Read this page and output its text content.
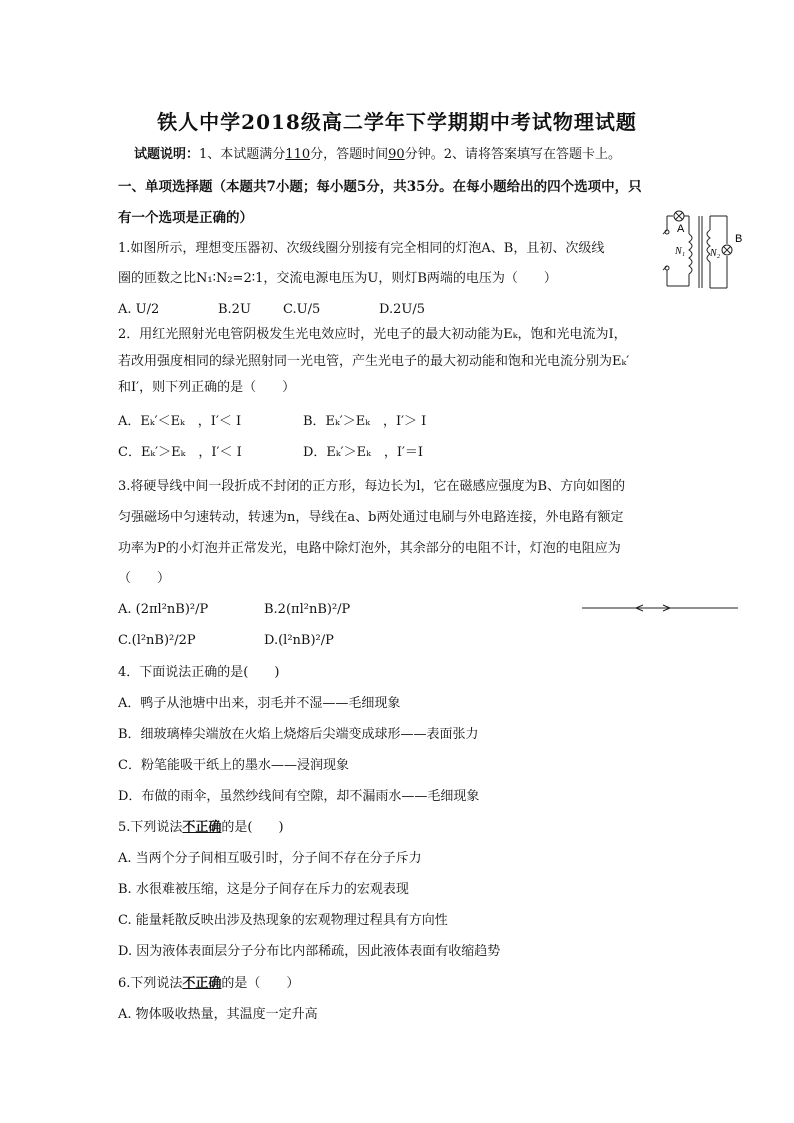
铁人中学2018级高二学年下学期期中考试物理试题
试题说明：1、本试题满分110分，答题时间90分钟。2、请将答案填写在答题卡上。
一、单项选择题（本题共7小题；每小题5分，共35分。在每小题给出的四个选项中，只
有一个选项是正确的）
1.如图所示，理想变压器初、次级线圈分别接有完全相同的灯泡A、B，且初、次级线
圈的匝数之比N₁∶N₂=2∶1，交流电源电压为U，则灯B两端的电压为（　　）
A. U/2	B.2U C.U/5	D.2U/5
A
B
N₁ N₂
2．用红光照射光电管阴极发生光电效应时，光电子的最大初动能为Eₖ，饱和光电流为I，
若改用强度相同的绿光照射同一光电管，产生光电子的最大初动能和饱和光电流分别为Eₖ′
和I′，则下列正确的是（　　）
A．Eₖ′＜Eₖ　，I′＜ I	B．Eₖ′＞Eₖ　，I′＞ I
C．Eₖ′＞Eₖ　，I′＜ I	D．Eₖ′＞Eₖ　，I′＝I
3.将硬导线中间一段折成不封闭的正方形，每边长为l，它在磁感应强度为B、方向如图的
匀强磁场中匀速转动，转速为n，导线在a、b两处通过电刷与外电路连接，外电路有额定
功率为P的小灯泡并正常发光，电路中除灯泡外，其余部分的电阻不计，灯泡的电阻应为
（　　）
A. (2πl²nB)²/P	B.2(πl²nB)²/P
C.(l²nB)²/2P	D.(l²nB)²/P
4．下面说法正确的是(　　)
A．鸭子从池塘中出来，羽毛并不湿——毛细现象
B．细玻璃棒尖端放在火焰上烧熔后尖端变成球形——表面张力
C．粉笔能吸干纸上的墨水——浸润现象
D．布做的雨伞，虽然纱线间有空隙，却不漏雨水——毛细现象
5.下列说法不正确的是(　　)
A. 当两个分子间相互吸引时，分子间不存在分子斥力
B. 水很难被压缩，这是分子间存在斥力的宏观表现
C. 能量耗散反映出涉及热现象的宏观物理过程具有方向性
D. 因为液体表面层分子分布比内部稀疏，因此液体表面有收缩趋势
6.下列说法不正确的是（　　）
A. 物体吸收热量，其温度一定升高
